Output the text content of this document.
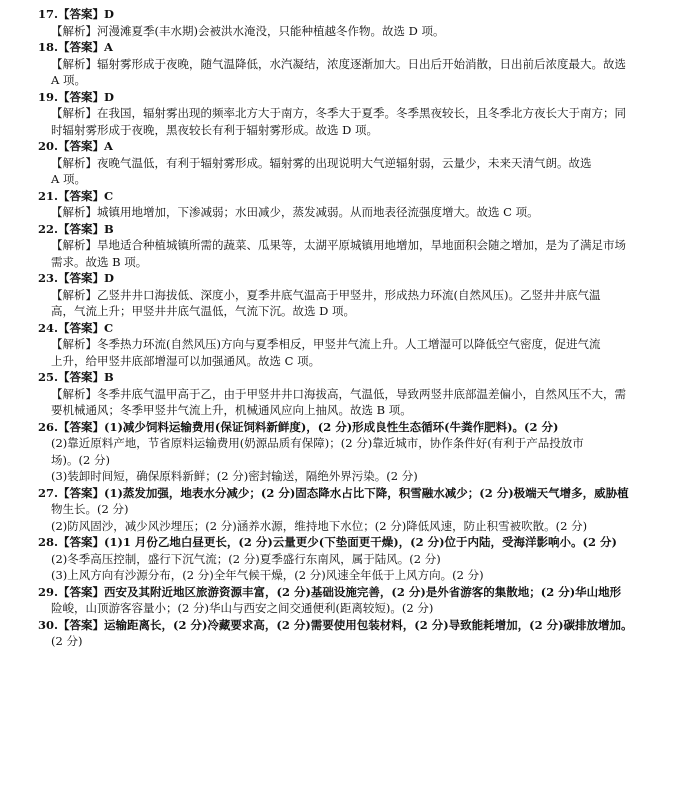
17.【答案】D
【解析】河漫滩夏季(丰水期)会被洪水淹没，只能种植越冬作物。故选 D 项。
18.【答案】A
【解析】辐射雾形成于夜晚，随气温降低，水汽凝结，浓度逐渐加大。日出后开始消散，日出前后浓度最大。故选
A 项。
19.【答案】D
【解析】在我国，辐射雾出现的频率北方大于南方，冬季大于夏季。冬季黑夜较长，且冬季北方夜长大于南方；同
时辐射雾形成于夜晚，黑夜较长有利于辐射雾形成。故选 D 项。
20.【答案】A
【解析】夜晚气温低，有利于辐射雾形成。辐射雾的出现说明大气逆辐射弱，云量少，未来天清气朗。故选
A 项。
21.【答案】C
【解析】城镇用地增加，下渗减弱；水田减少，蒸发减弱。从而地表径流强度增大。故选 C 项。
22.【答案】B
【解析】旱地适合种植城镇所需的蔬菜、瓜果等，太湖平原城镇用地增加，旱地面积会随之增加，是为了满足市场
需求。故选 B 项。
23.【答案】D
【解析】乙竖井井口海拔低、深度小，夏季井底气温高于甲竖井，形成热力环流(自然风压)。乙竖井井底气温
高，气流上升；甲竖井井底气温低，气流下沉。故选 D 项。
24.【答案】C
【解析】冬季热力环流(自然风压)方向与夏季相反，甲竖井气流上升。人工增湿可以降低空气密度，促进气流
上升，给甲竖井底部增湿可以加强通风。故选 C 项。
25.【答案】B
【解析】冬季井底气温甲高于乙，由于甲竖井井口海拔高，气温低，导致两竖井底部温差偏小，自然风压不大，需
要机械通风；冬季甲竖井气流上升，机械通风应向上抽风。故选 B 项。
26.【答案】(1)减少饲料运输费用(保证饲料新鲜度)，(2 分)形成良性生态循环(牛粪作肥料)。(2 分)
(2)靠近原料产地，节省原料运输费用(奶源品质有保障)；(2 分)靠近城市，协作条件好(有利于产品投放市
场)。(2 分)
(3)装卸时间短，确保原料新鲜；(2 分)密封输送，隔绝外界污染。(2 分)
27.【答案】(1)蒸发加强，地表水分减少；(2 分)固态降水占比下降，积雪融水减少；(2 分)极端天气增多，威胁植
物生长。(2 分)
(2)防风固沙，减少风沙埋压；(2 分)涵养水源，维持地下水位；(2 分)降低风速，防止积雪被吹散。(2 分)
28.【答案】(1)1 月份乙地白昼更长，(2 分)云量更少(下垫面更干燥)，(2 分)位于内陆，受海洋影响小。(2 分)
(2)冬季高压控制，盛行下沉气流；(2 分)夏季盛行东南风，属于陆风。(2 分)
(3)上风方向有沙源分布，(2 分)全年气候干燥，(2 分)风速全年低于上风方向。(2 分)
29.【答案】西安及其附近地区旅游资源丰富，(2 分)基础设施完善，(2 分)是外省游客的集散地；(2 分)华山地形
险峻，山顶游客容量小；(2 分)华山与西安之间交通便利(距离较短)。(2 分)
30.【答案】运输距离长，(2 分)冷藏要求高，(2 分)需要使用包装材料，(2 分)导致能耗增加，(2 分)碳排放增加。
(2 分)
